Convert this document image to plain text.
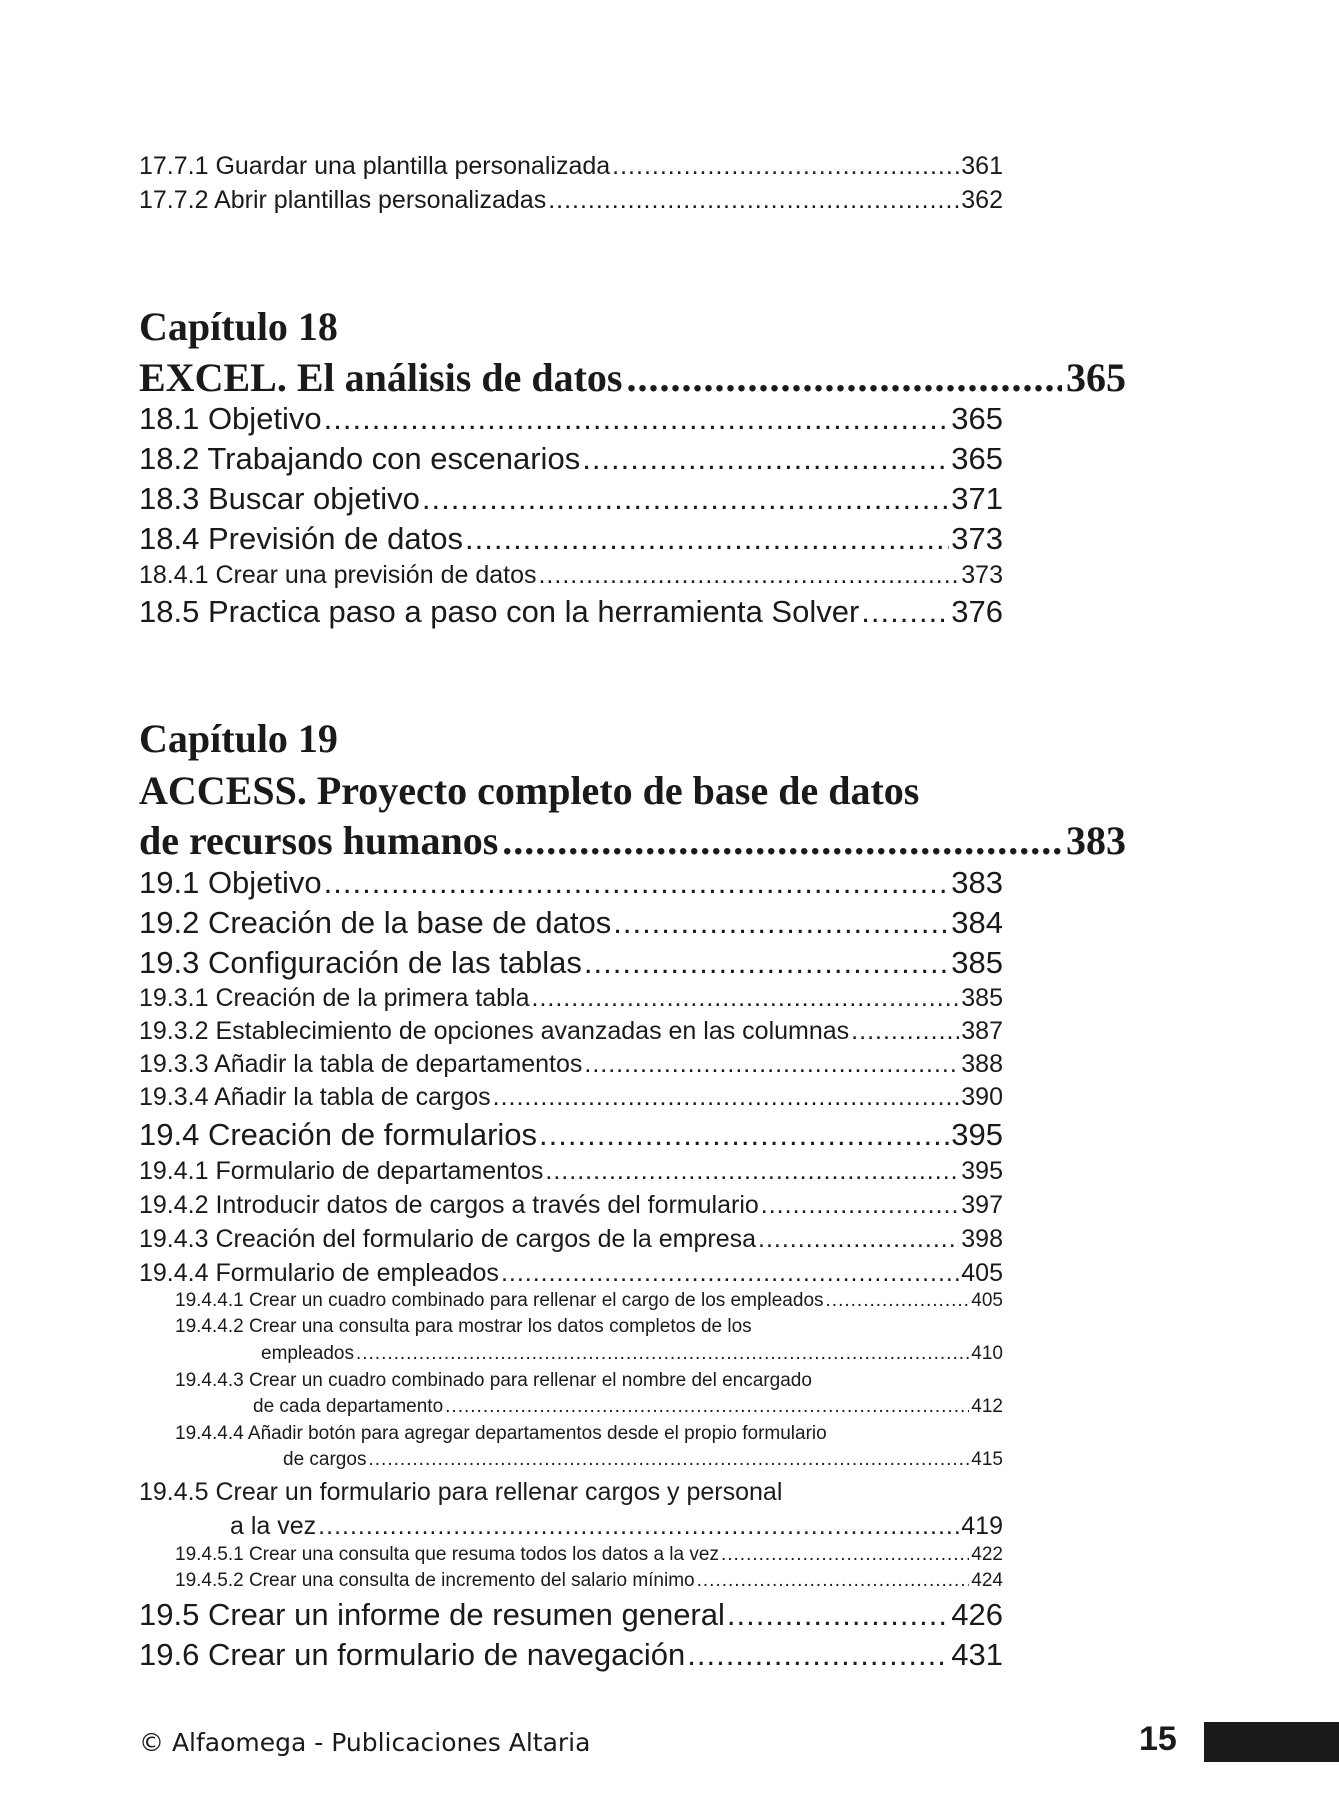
17.7.1 Guardar una plantilla personalizada .....	361
17.7.2 Abrir plantillas personalizadas .....	362
Capítulo 18
EXCEL. El análisis de datos .....	365
18.1 Objetivo .....	365
18.2 Trabajando con escenarios .....	365
18.3 Buscar objetivo .....	371
18.4 Previsión de datos .....	373
18.4.1 Crear una previsión de datos .....	373
18.5 Practica paso a paso con la herramienta Solver .....	376
Capítulo 19
ACCESS. Proyecto completo de base de datos
de recursos humanos .....	383
19.1 Objetivo .....	383
19.2 Creación de la base de datos .....	384
19.3 Configuración de las tablas .....	385
19.3.1 Creación de la primera tabla .....	385
19.3.2 Establecimiento de opciones avanzadas en las columnas .....	387
19.3.3 Añadir la tabla de departamentos .....	388
19.3.4 Añadir la tabla de cargos .....	390
19.4 Creación de formularios .....	395
19.4.1 Formulario de departamentos .....	395
19.4.2 Introducir datos de cargos a través del formulario .....	397
19.4.3 Creación del formulario de cargos de la empresa .....	398
19.4.4 Formulario de empleados .....	405
19.4.4.1 Crear un cuadro combinado para rellenar el cargo de los empleados .....	405
19.4.4.2 Crear una consulta para mostrar los datos completos de los
empleados .....	410
19.4.4.3 Crear un cuadro combinado para rellenar el nombre del encargado
de cada departamento .....	412
19.4.4.4 Añadir botón para agregar departamentos desde el propio formulario
de cargos .....	415
19.4.5 Crear un formulario para rellenar cargos y personal
a la vez .....	419
19.4.5.1 Crear una consulta que resuma todos los datos a la vez .....	422
19.4.5.2 Crear una consulta de incremento del salario mínimo .....	424
19.5 Crear un informe de resumen general .....	426
19.6 Crear un formulario de navegación .....	431
© Alfaomega - Publicaciones Altaria	15
